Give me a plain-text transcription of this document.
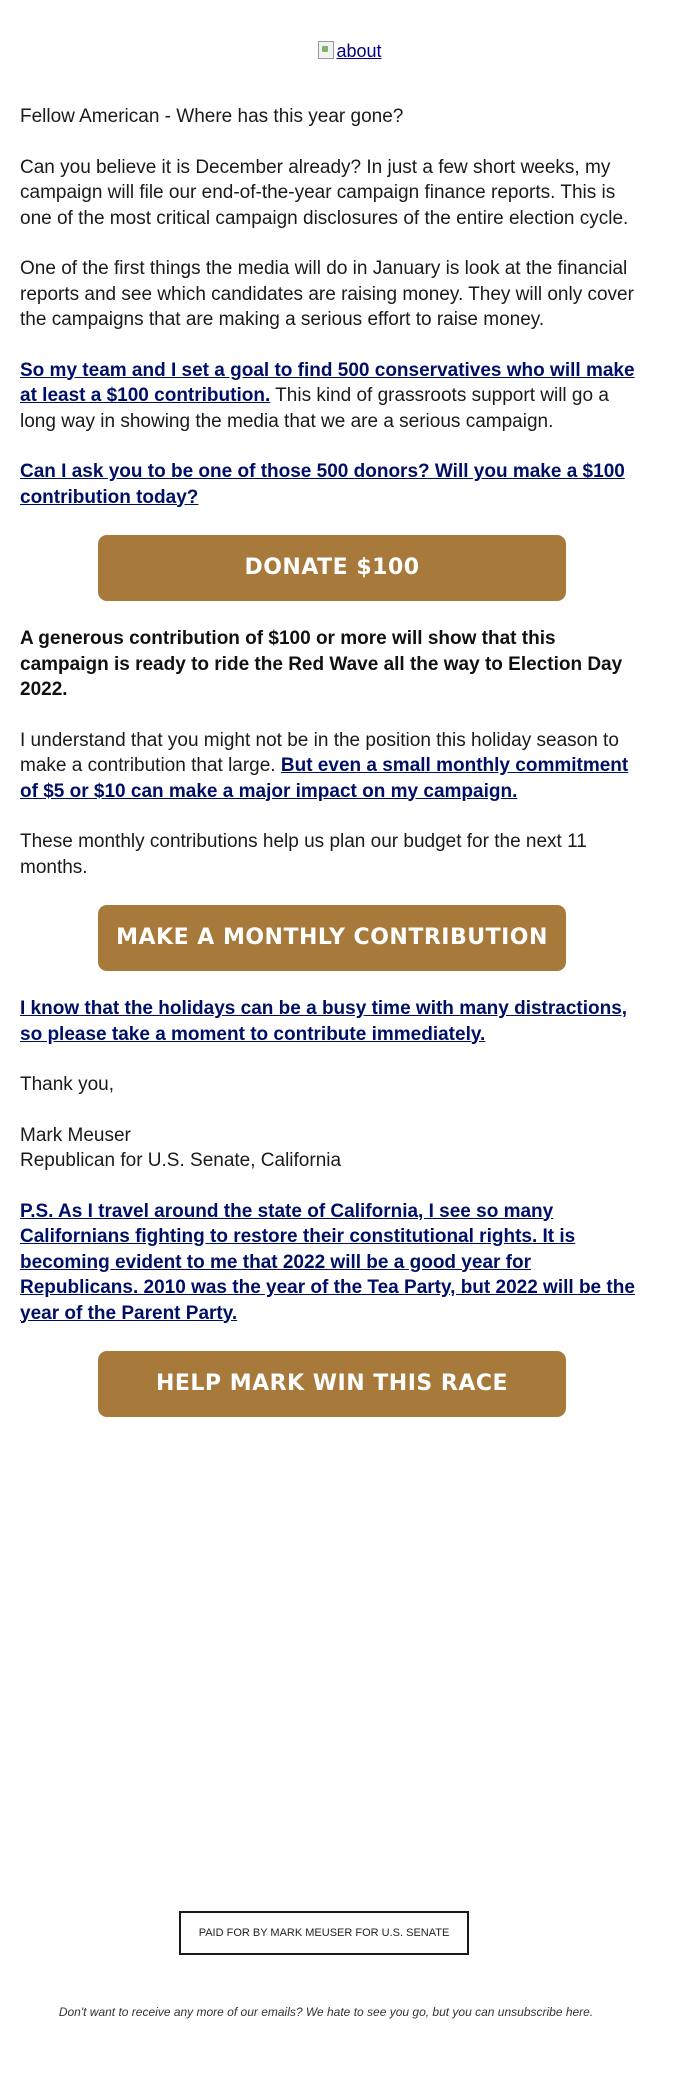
about

Fellow American - Where has this year gone?

Can you believe it is December already? In just a few short weeks, my campaign will file our end-of-the-year campaign finance reports. This is one of the most critical campaign disclosures of the entire election cycle.

One of the first things the media will do in January is look at the financial reports and see which candidates are raising money. They will only cover the campaigns that are making a serious effort to raise money.

So my team and I set a goal to find 500 conservatives who will make at least a $100 contribution. This kind of grassroots support will go a long way in showing the media that we are a serious campaign.

Can I ask you to be one of those 500 donors? Will you make a $100 contribution today?

DONATE $100

A generous contribution of $100 or more will show that this campaign is ready to ride the Red Wave all the way to Election Day 2022.

I understand that you might not be in the position this holiday season to make a contribution that large. But even a small monthly commitment of $5 or $10 can make a major impact on my campaign.

These monthly contributions help us plan our budget for the next 11 months.

MAKE A MONTHLY CONTRIBUTION

I know that the holidays can be a busy time with many distractions, so please take a moment to contribute immediately.

Thank you,

Mark Meuser
Republican for U.S. Senate, California

P.S. As I travel around the state of California, I see so many Californians fighting to restore their constitutional rights. It is becoming evident to me that 2022 will be a good year for Republicans. 2010 was the year of the Tea Party, but 2022 will be the year of the Parent Party.

HELP MARK WIN THIS RACE
PAID FOR BY MARK MEUSER FOR U.S. SENATE
Don't want to receive any more of our emails? We hate to see you go, but you can unsubscribe here.
